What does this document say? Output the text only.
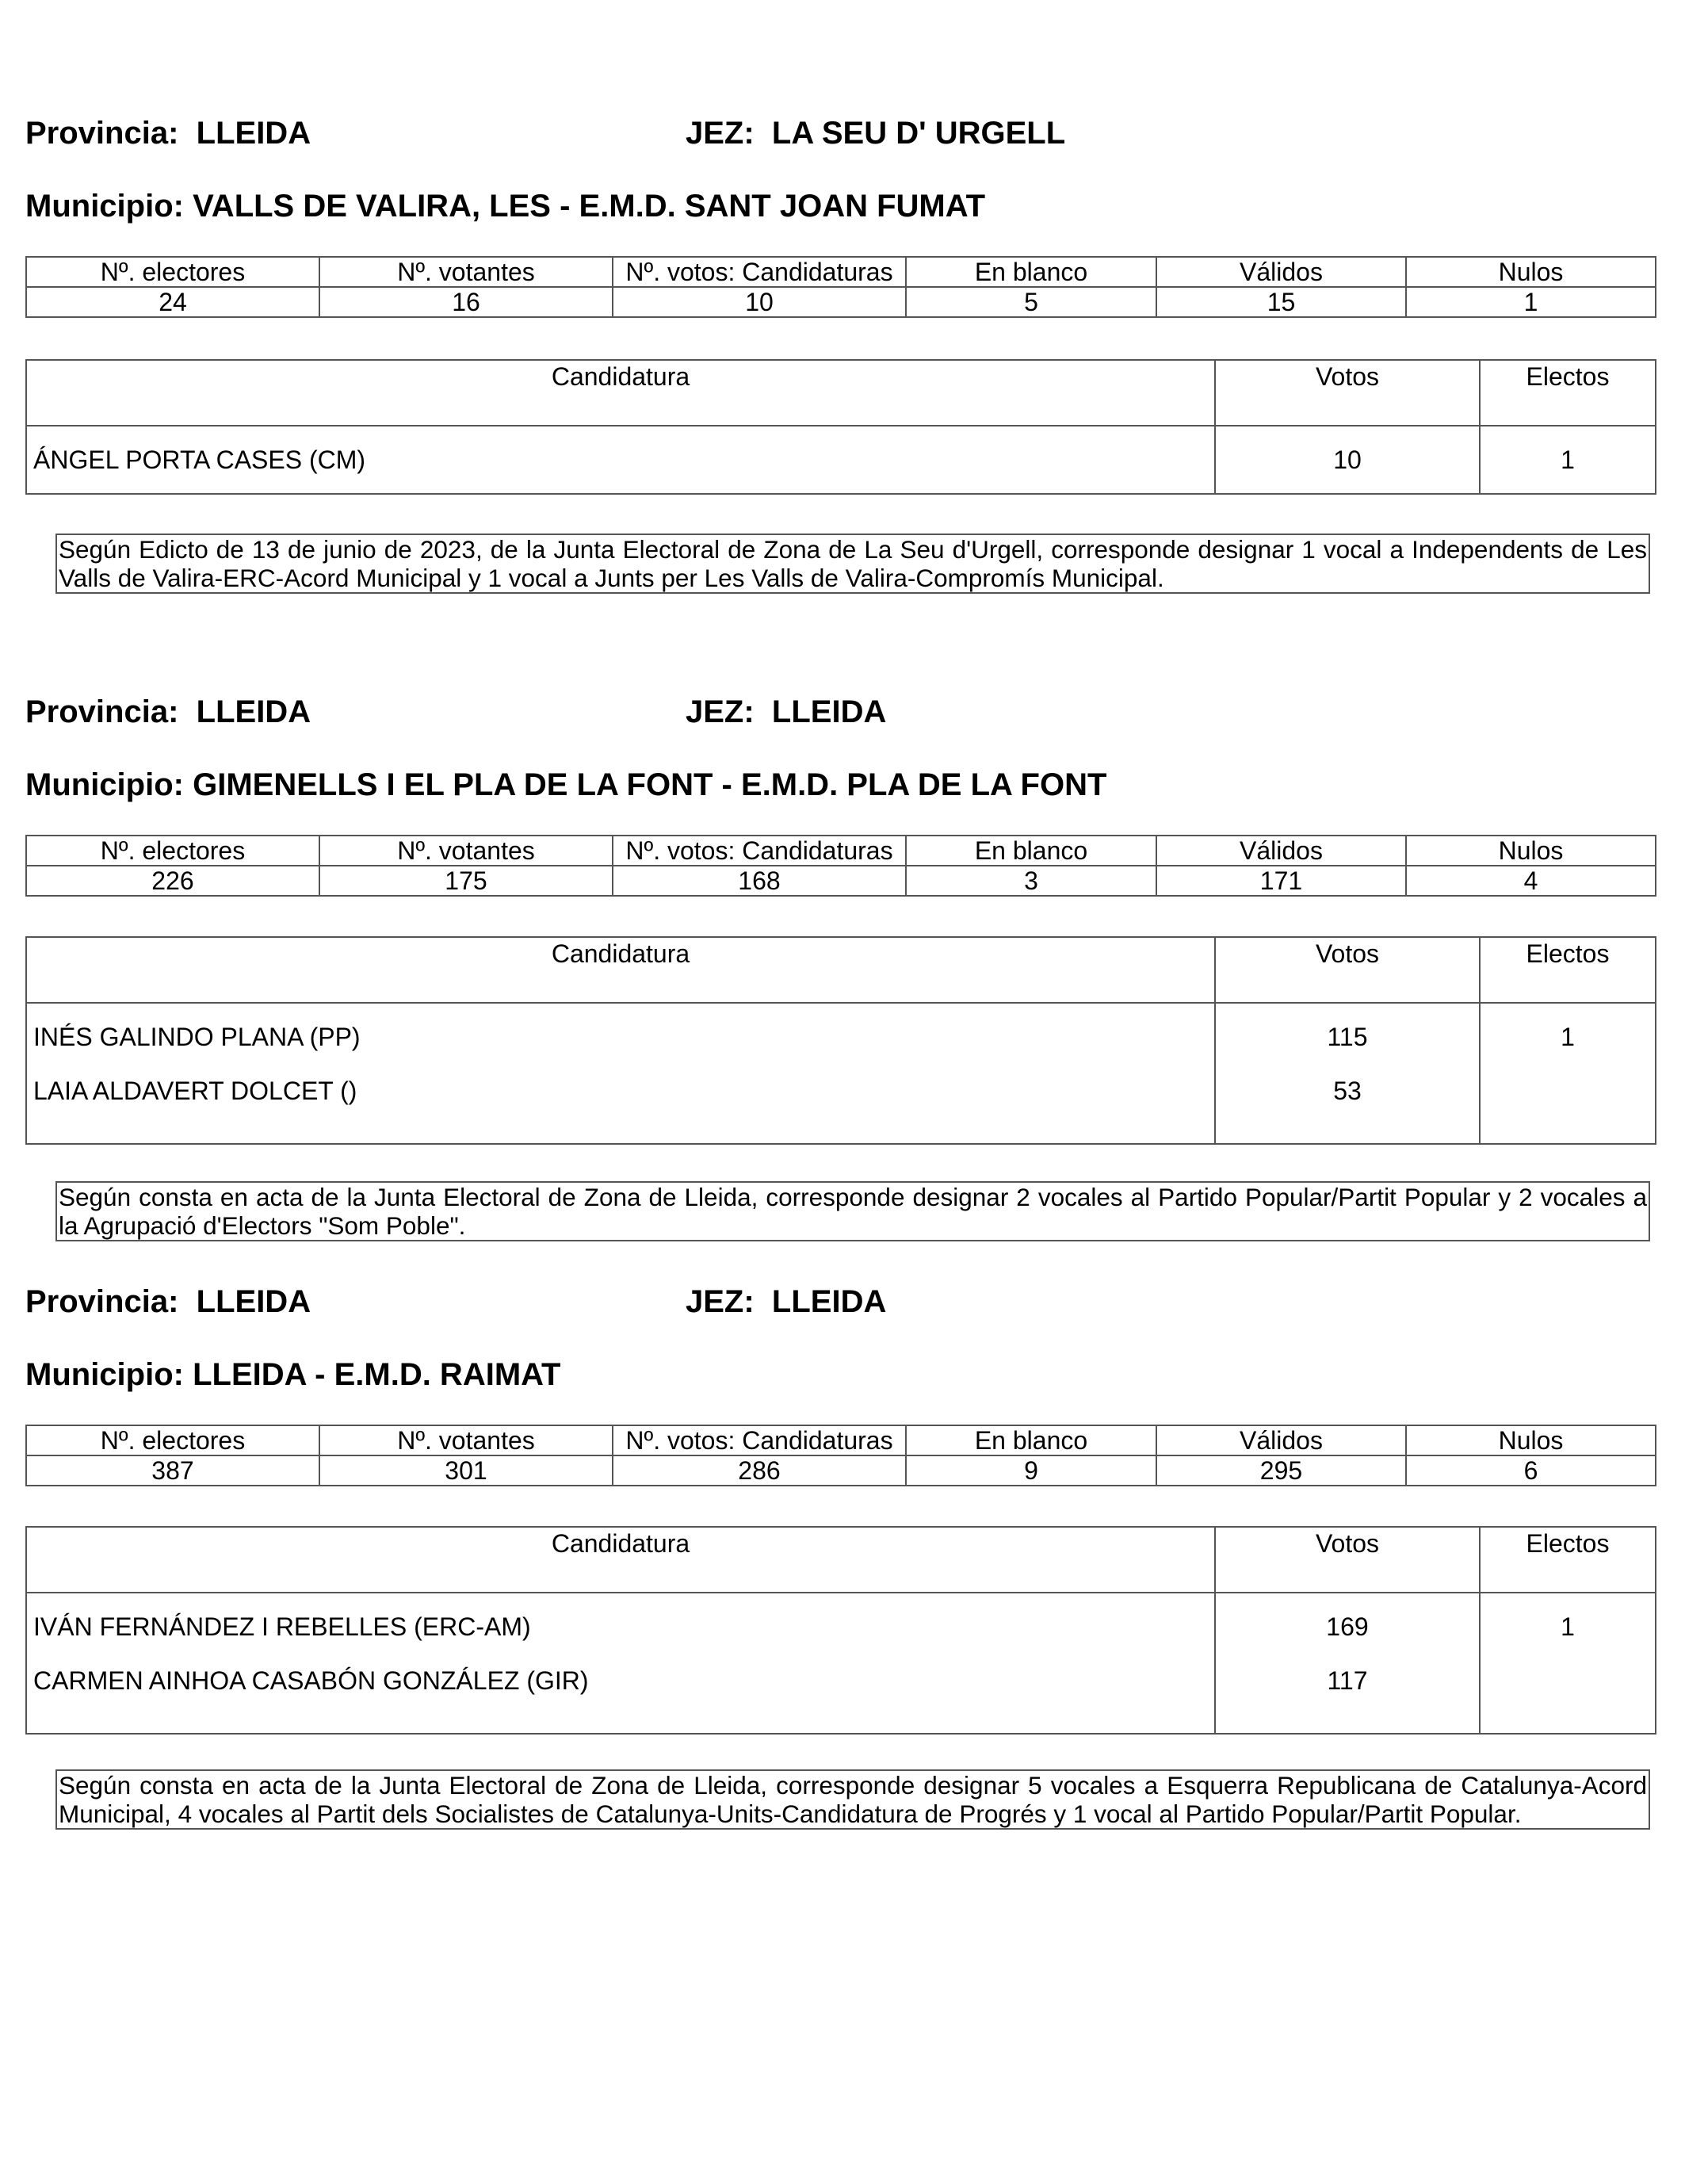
Provincia: LLEIDA	JEZ: LA SEU D' URGELL
Municipio: VALLS DE VALIRA, LES - E.M.D. SANT JOAN FUMAT
Nº. electores	Nº. votantes	Nº. votos: Candidaturas	En blanco	Válidos	Nulos
24	16	10	5	15	1
Candidatura	Votos	Electos
ÁNGEL PORTA CASES (CM)	10	1
Según Edicto de 13 de junio de 2023, de la Junta Electoral de Zona de La Seu d'Urgell, corresponde designar 1 vocal a Independents de Les Valls de Valira-ERC-Acord Municipal y 1 vocal a Junts per Les Valls de Valira-Compromís Municipal.
Provincia: LLEIDA	JEZ: LLEIDA
Municipio: GIMENELLS I EL PLA DE LA FONT - E.M.D. PLA DE LA FONT
Nº. electores	Nº. votantes	Nº. votos: Candidaturas	En blanco	Válidos	Nulos
226	175	168	3	171	4
Candidatura	Votos	Electos
INÉS GALINDO PLANA (PP)	115	1
LAIA ALDAVERT DOLCET ()	53	
Según consta en acta de la Junta Electoral de Zona de Lleida, corresponde designar 2 vocales al Partido Popular/Partit Popular y 2 vocales a la Agrupació d'Electors "Som Poble".
Provincia: LLEIDA	JEZ: LLEIDA
Municipio: LLEIDA - E.M.D. RAIMAT
Nº. electores	Nº. votantes	Nº. votos: Candidaturas	En blanco	Válidos	Nulos
387	301	286	9	295	6
Candidatura	Votos	Electos
IVÁN FERNÁNDEZ I REBELLES (ERC-AM)	169	1
CARMEN AINHOA CASABÓN GONZÁLEZ (GIR)	117	
Según consta en acta de la Junta Electoral de Zona de Lleida, corresponde designar 5 vocales a Esquerra Republicana de Catalunya-Acord Municipal, 4 vocales al Partit dels Socialistes de Catalunya-Units-Candidatura de Progrés y 1 vocal al Partido Popular/Partit Popular.
